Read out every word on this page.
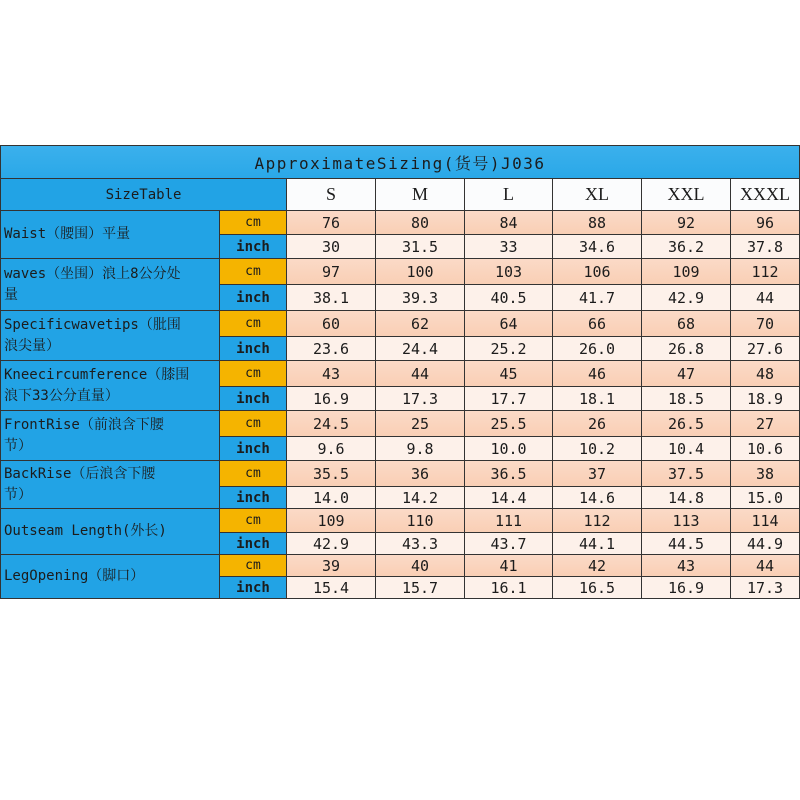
ApproximateSizing(货号)J036
SizeTable	S	M	L	XL	XXL	XXXL
Waist（腰围）平量
cm	76	80	84	88	92	96
inch	30	31.5	33	34.6	36.2	37.8
waves（坐围）浪上8公分处
量
cm	97	100	103	106	109	112
inch	38.1	39.3	40.5	41.7	42.9	44
Specificwavetips（肶围
浪尖量）
cm	60	62	64	66	68	70
inch	23.6	24.4	25.2	26.0	26.8	27.6
Kneecircumference（膝围
浪下33公分直量）
cm	43	44	45	46	47	48
inch	16.9	17.3	17.7	18.1	18.5	18.9
FrontRise（前浪含下腰
节）
cm	24.5	25	25.5	26	26.5	27
inch	9.6	9.8	10.0	10.2	10.4	10.6
BackRise（后浪含下腰
节）
cm	35.5	36	36.5	37	37.5	38
inch	14.0	14.2	14.4	14.6	14.8	15.0
Outseam Length(外长)
cm	109	110	111	112	113	114
inch	42.9	43.3	43.7	44.1	44.5	44.9
LegOpening（脚口）
cm	39	40	41	42	43	44
inch	15.4	15.7	16.1	16.5	16.9	17.3
